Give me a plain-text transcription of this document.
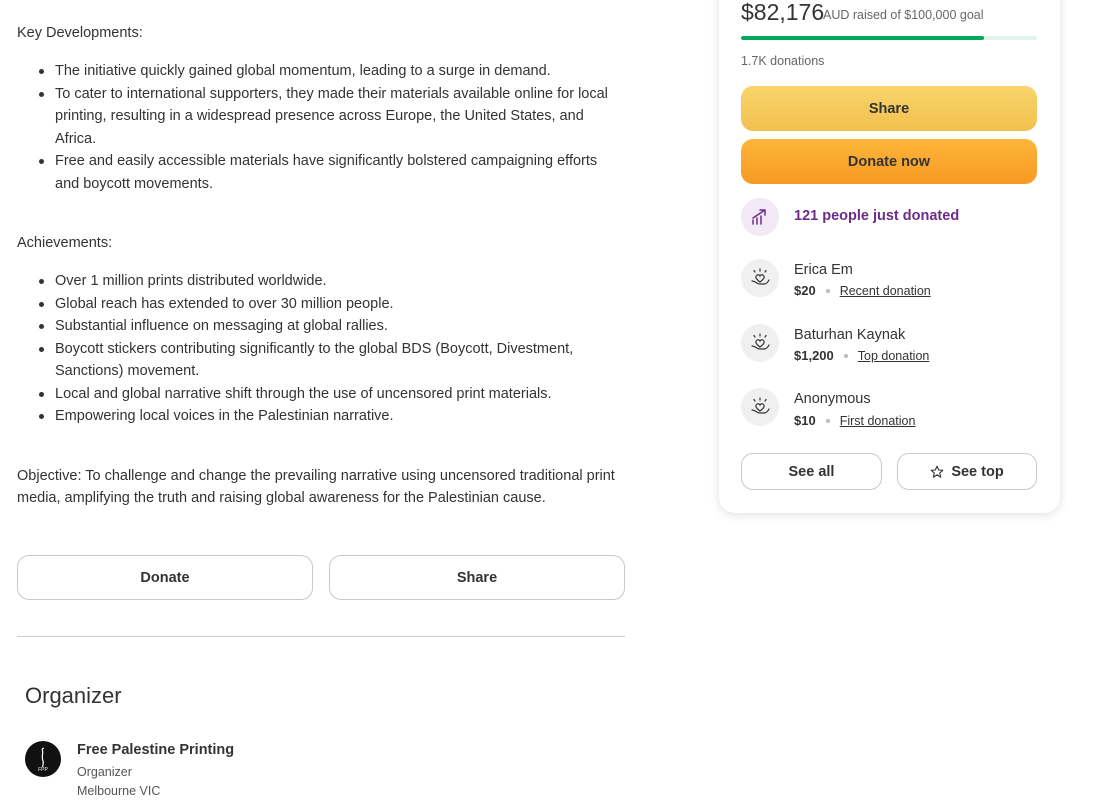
Key Developments:
The initiative quickly gained global momentum, leading to a surge in demand.
To cater to international supporters, they made their materials available online for local printing, resulting in a widespread presence across Europe, the United States, and Africa.
Free and easily accessible materials have significantly bolstered campaigning efforts and boycott movements.
Achievements:
Over 1 million prints distributed worldwide.
Global reach has extended to over 30 million people.
Substantial influence on messaging at global rallies.
Boycott stickers contributing significantly to the global BDS (Boycott, Divestment, Sanctions) movement.
Local and global narrative shift through the use of uncensored print materials.
Empowering local voices in the Palestinian narrative.
Objective: To challenge and change the prevailing narrative using uncensored traditional print media, amplifying the truth and raising global awareness for the Palestinian cause.
Donate	Share
Organizer
FPP
Free Palestine Printing
Organizer
Melbourne VIC
$82,176
AUD raised of $100,000 goal
1.7K donations
Share
Donate now
121 people just donated
Erica Em
$20 Recent donation
Baturhan Kaynak
$1,200 Top donation
Anonymous
$10 First donation
See all	See top
